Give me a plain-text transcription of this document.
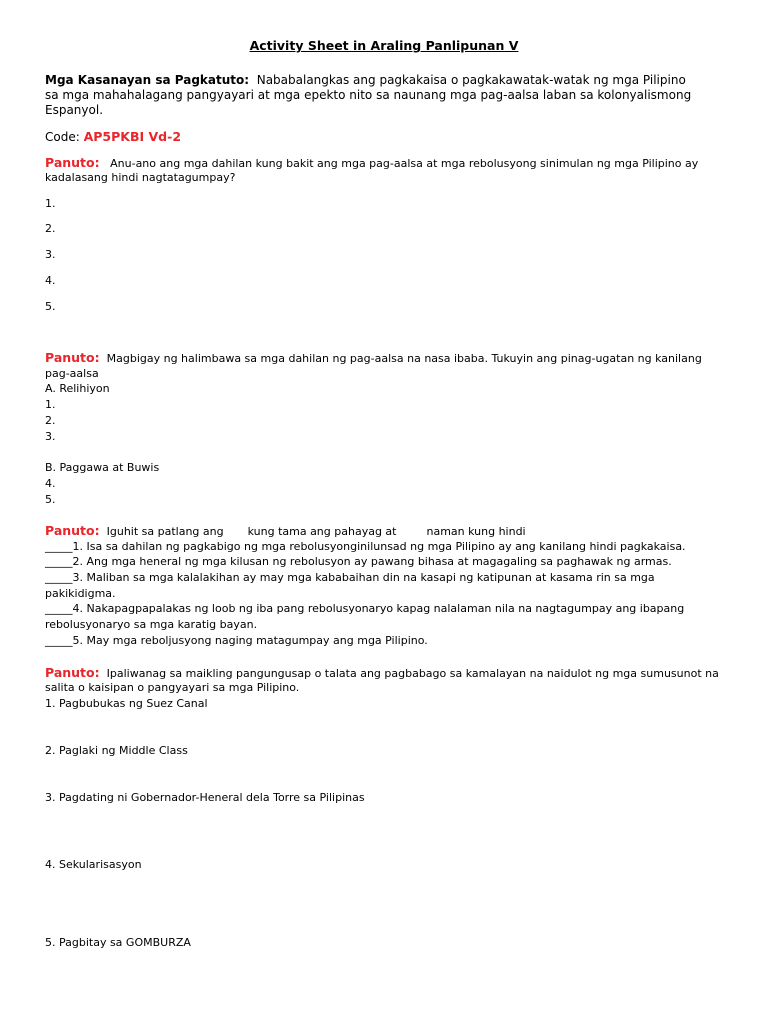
Activity Sheet in Araling Panlipunan V
Mga Kasanayan sa Pagkatuto: Nababalangkas ang pagkakaisa o pagkakawatak-watak ng mga Pilipino
sa mga mahahalagang pangyayari at mga epekto nito sa naunang mga pag-aalsa laban sa kolonyalismong
Espanyol.
Code: AP5PKBI Vd-2
Panuto: Anu-ano ang mga dahilan kung bakit ang mga pag-aalsa at mga rebolusyong sinimulan ng mga Pilipino ay
kadalasang hindi nagtatagumpay?
1.
2.
3.
4.
5.
Panuto: Magbigay ng halimbawa sa mga dahilan ng pag-aalsa na nasa ibaba. Tukuyin ang pinag-ugatan ng kanilang
pag-aalsa
A. Relihiyon
1.
2.
3.
B. Paggawa at Buwis
4.
5.
Panuto: Iguhit sa patlang ang kung tama ang pahayag at	naman kung hindi
_____1. Isa sa dahilan ng pagkabigo ng mga rebolusyonginilunsad ng mga Pilipino ay ang kanilang hindi pagkakaisa.
_____2. Ang mga heneral ng mga kilusan ng rebolusyon ay pawang bihasa at magagaling sa paghawak ng armas.
_____3. Maliban sa mga kalalakihan ay may mga kababaihan din na kasapi ng katipunan at kasama rin sa mga
pakikidigma.
_____4. Nakapagpapalakas ng loob ng iba pang rebolusyonaryo kapag nalalaman nila na nagtagumpay ang ibapang
rebolusyonaryo sa mga karatig bayan.
_____5. May mga reboljusyong naging matagumpay ang mga Pilipino.
Panuto: Ipaliwanag sa maikling pangungusap o talata ang pagbabago sa kamalayan na naidulot ng mga sumusunot na
salita o kaisipan o pangyayari sa mga Pilipino.
1. Pagbubukas ng Suez Canal
2. Paglaki ng Middle Class
3. Pagdating ni Gobernador-Heneral dela Torre sa Pilipinas
4. Sekularisasyon
5. Pagbitay sa GOMBURZA
